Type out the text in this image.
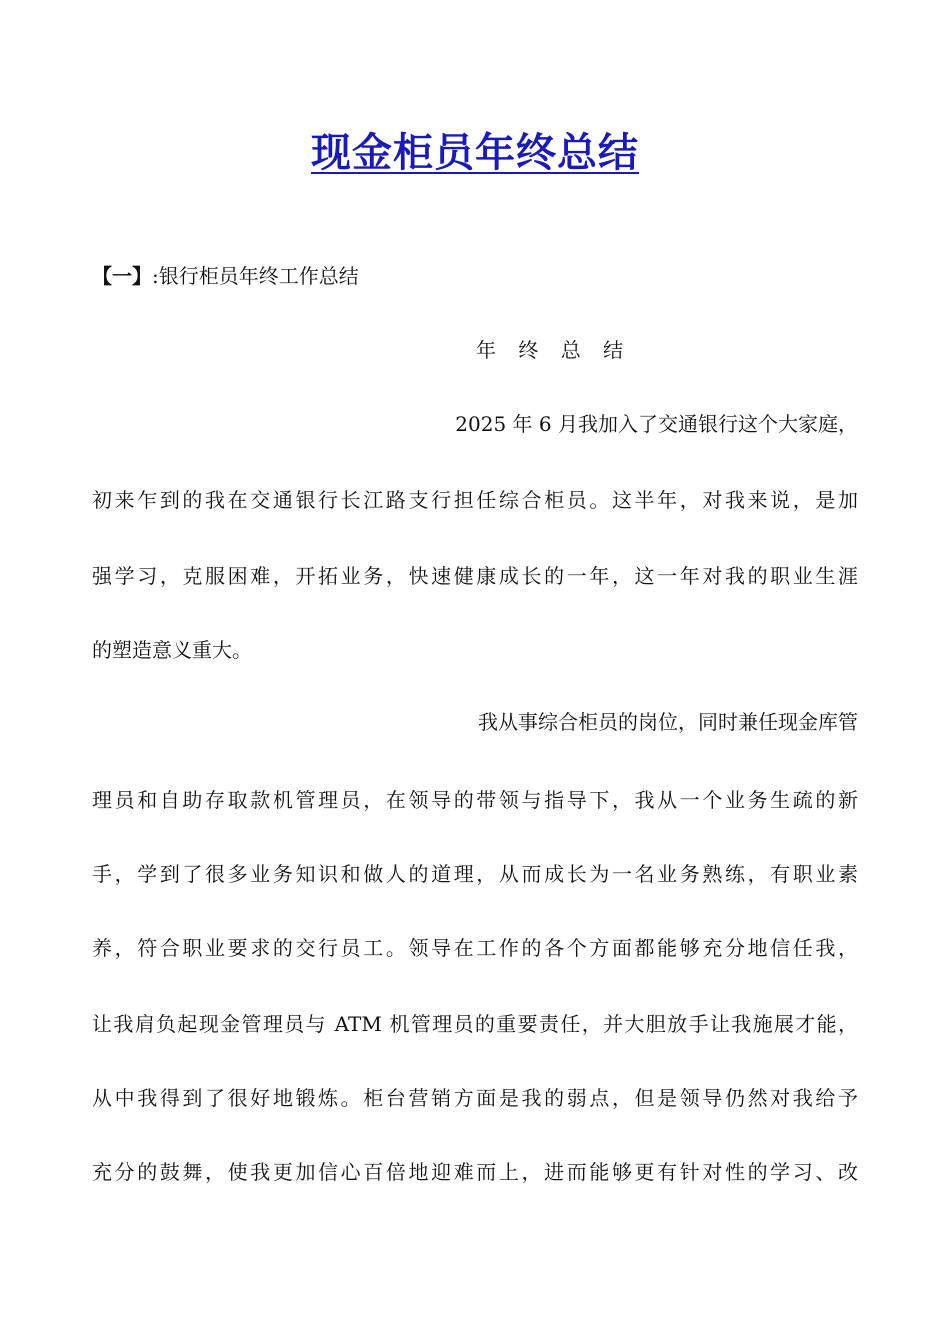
现金柜员年终总结
【一】:银行柜员年终工作总结
年 终 总 结
2025 年 6 月我加入了交通银行这个大家庭，
初来乍到的我在交通银行长江路支行担任综合柜员。这半年，对我来说，是加
强学习，克服困难，开拓业务，快速健康成长的一年，这一年对我的职业生涯
的塑造意义重大。
我从事综合柜员的岗位，同时兼任现金库管
理员和自助存取款机管理员，在领导的带领与指导下，我从一个业务生疏的新
手，学到了很多业务知识和做人的道理，从而成长为一名业务熟练，有职业素
养，符合职业要求的交行员工。领导在工作的各个方面都能够充分地信任我，
让我肩负起现金管理员与 ATM 机管理员的重要责任，并大胆放手让我施展才能，
从中我得到了很好地锻炼。柜台营销方面是我的弱点，但是领导仍然对我给予
充分的鼓舞，使我更加信心百倍地迎难而上，进而能够更有针对性的学习、改
